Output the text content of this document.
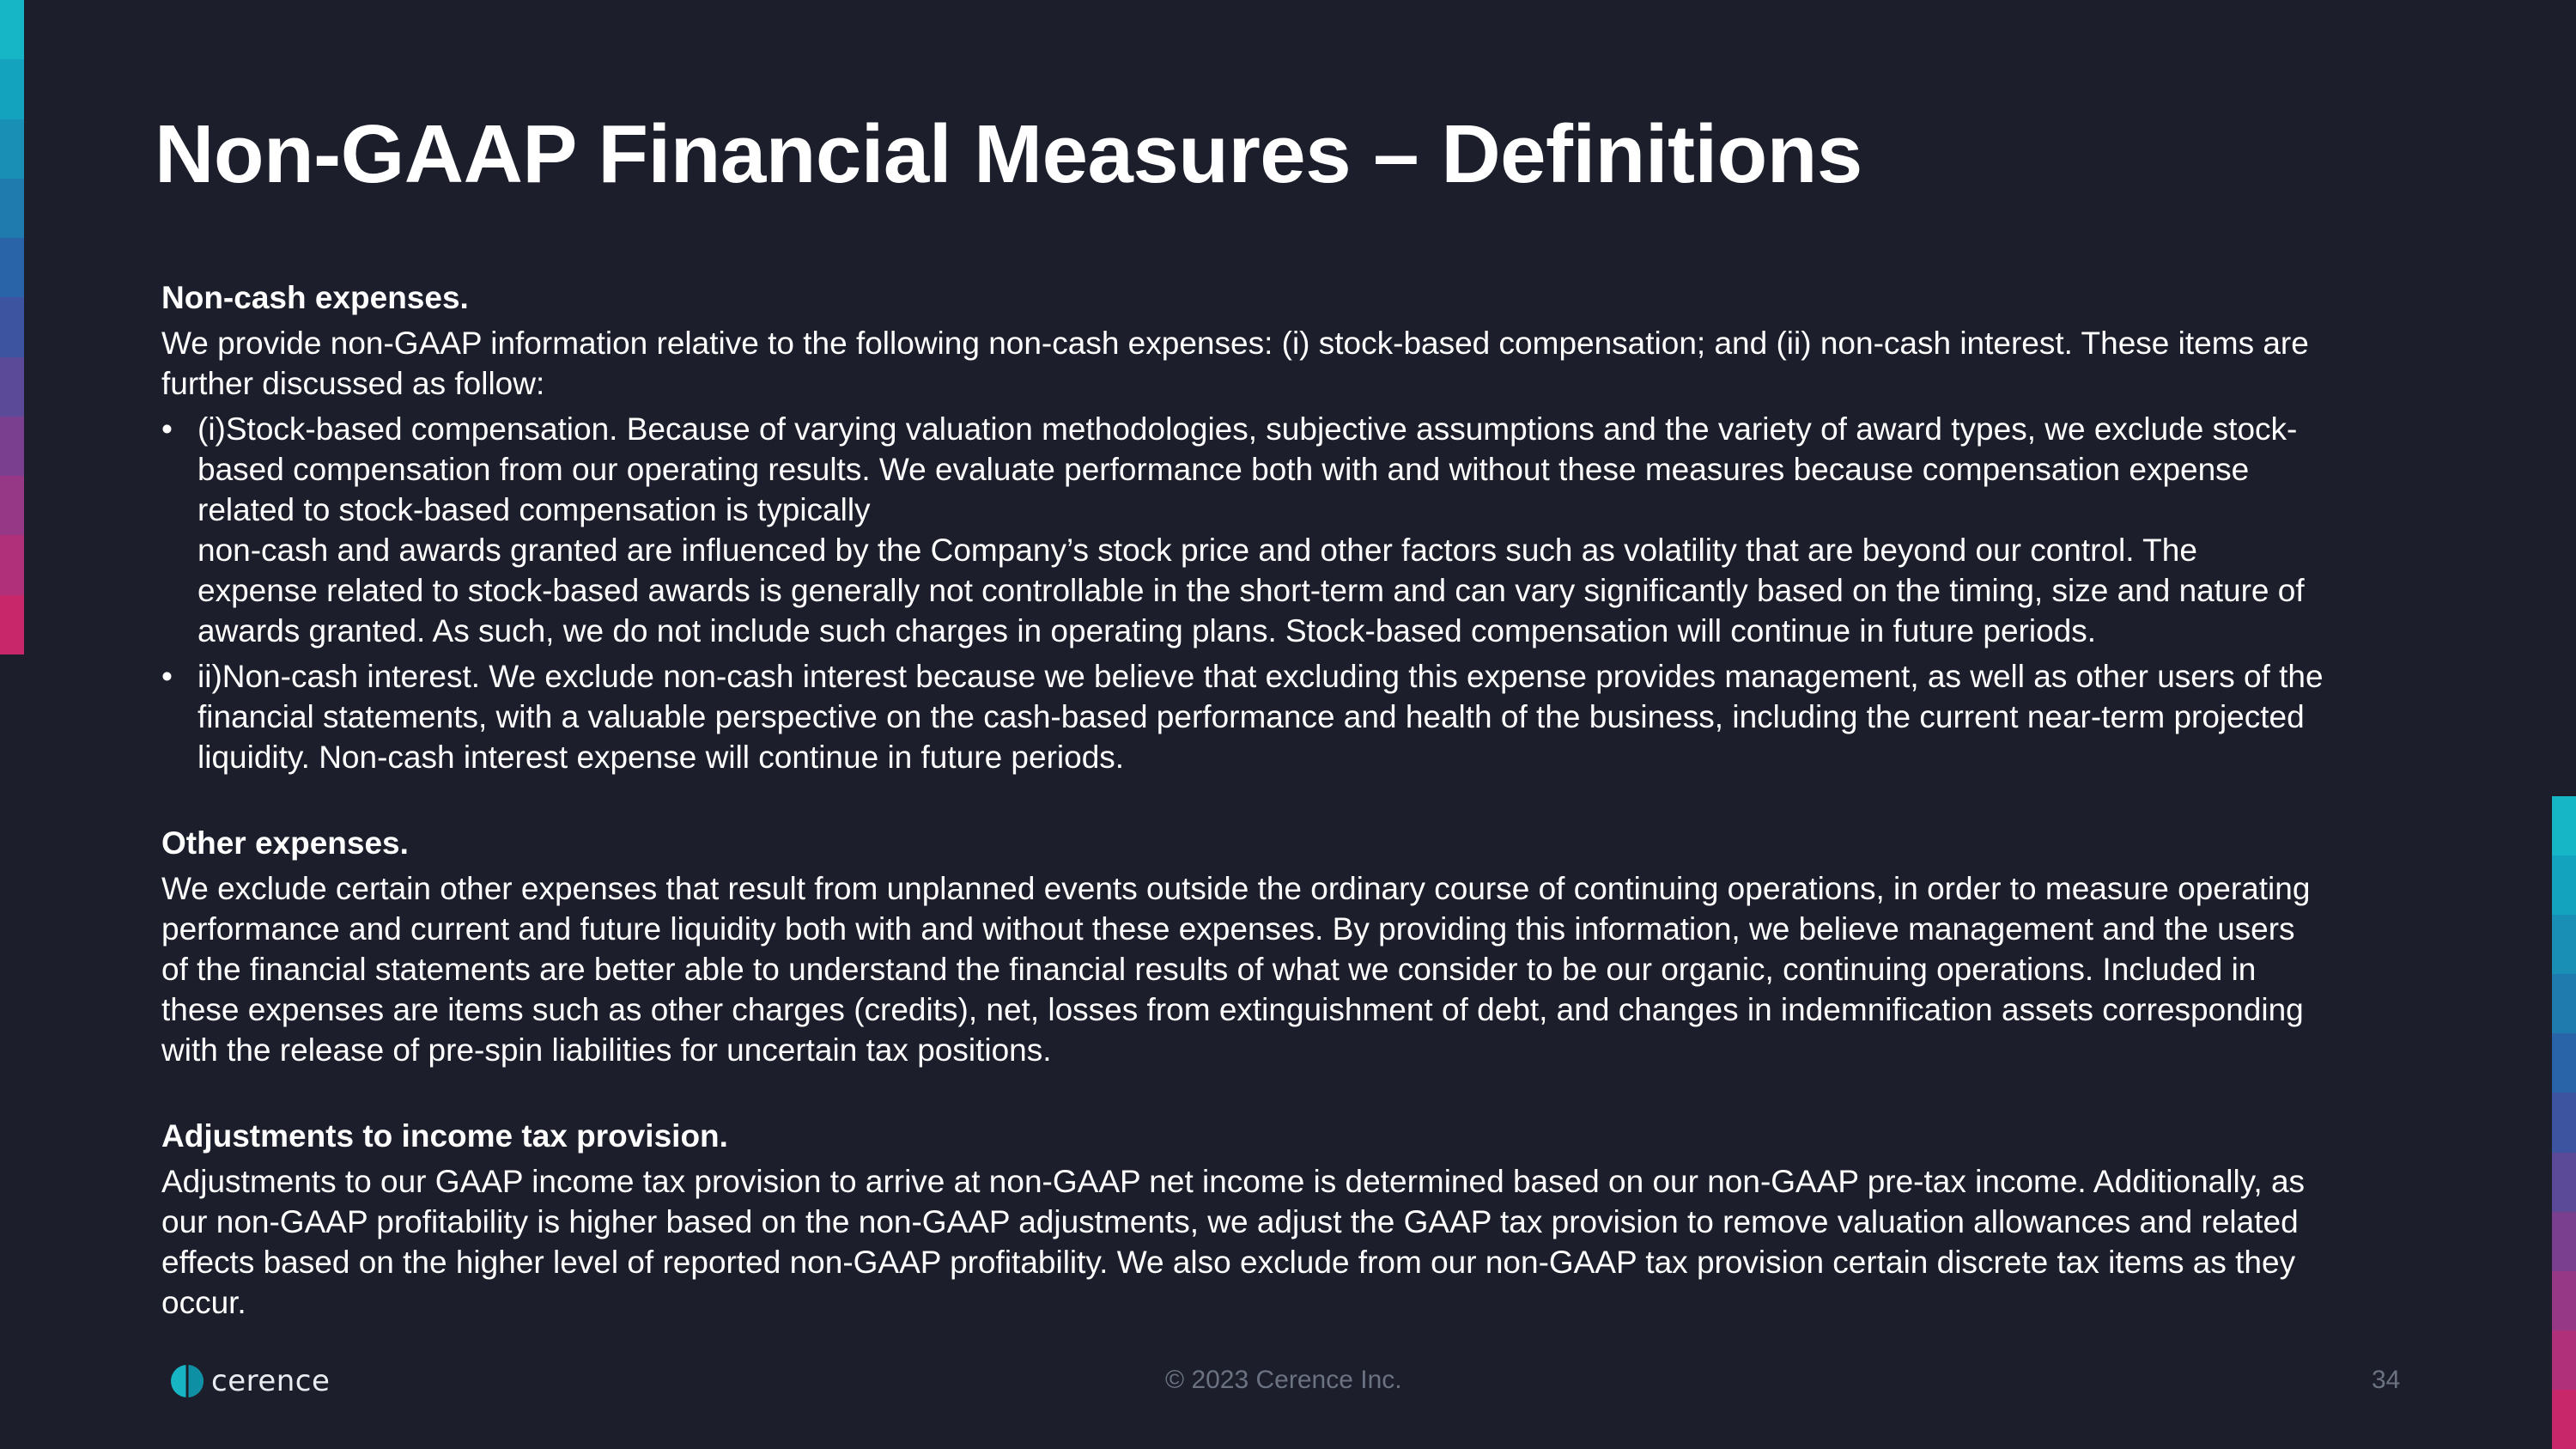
Non-GAAP Financial Measures – Definitions

Non-cash expenses.

We provide non-GAAP information relative to the following non-cash expenses: (i) stock-based compensation; and (ii) non-cash interest. These items are
further discussed as follow:

• (i)Stock-based compensation. Because of varying valuation methodologies, subjective assumptions and the variety of award types, we exclude stock-
based compensation from our operating results. We evaluate performance both with and without these measures because compensation expense
related to stock-based compensation is typically
non-cash and awards granted are influenced by the Company’s stock price and other factors such as volatility that are beyond our control. The
expense related to stock-based awards is generally not controllable in the short-term and can vary significantly based on the timing, size and nature of
awards granted. As such, we do not include such charges in operating plans. Stock-based compensation will continue in future periods.
• ii)Non-cash interest. We exclude non-cash interest because we believe that excluding this expense provides management, as well as other users of the
financial statements, with a valuable perspective on the cash-based performance and health of the business, including the current near-term projected
liquidity. Non-cash interest expense will continue in future periods.

Other expenses.

We exclude certain other expenses that result from unplanned events outside the ordinary course of continuing operations, in order to measure operating
performance and current and future liquidity both with and without these expenses. By providing this information, we believe management and the users
of the financial statements are better able to understand the financial results of what we consider to be our organic, continuing operations. Included in
these expenses are items such as other charges (credits), net, losses from extinguishment of debt, and changes in indemnification assets corresponding
with the release of pre-spin liabilities for uncertain tax positions.

Adjustments to income tax provision.

Adjustments to our GAAP income tax provision to arrive at non-GAAP net income is determined based on our non-GAAP pre-tax income. Additionally, as
our non-GAAP profitability is higher based on the non-GAAP adjustments, we adjust the GAAP tax provision to remove valuation allowances and related
effects based on the higher level of reported non-GAAP profitability. We also exclude from our non-GAAP tax provision certain discrete tax items as they
occur.

cerence	© 2023 Cerence Inc.	34
